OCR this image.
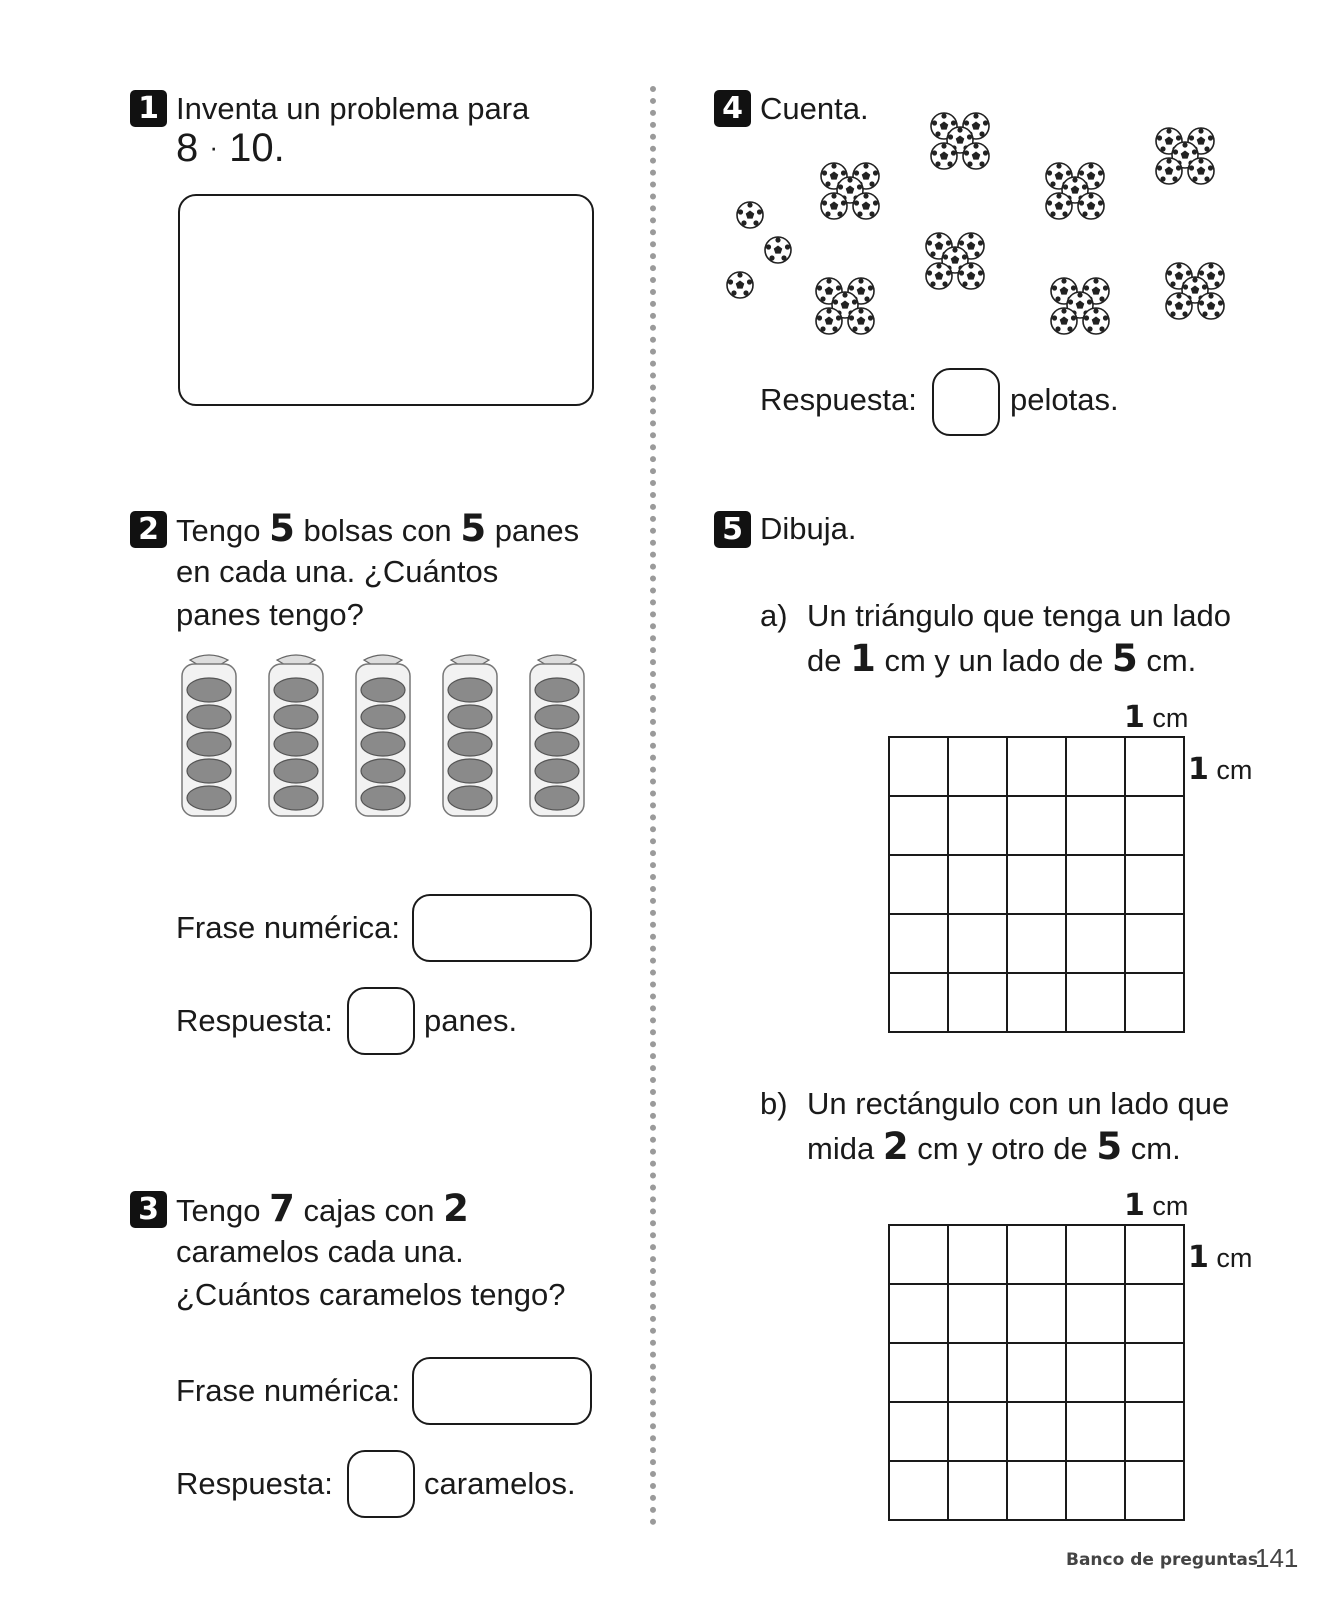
1 Inventa un problema para
8 · 10.
2 Tengo 5 bolsas con 5 panes
en cada una. ¿Cuántos
panes tengo?
Frase numérica:
Respuesta:	panes.
3 Tengo 7 cajas con 2
caramelos cada una.
¿Cuántos caramelos tengo?
Frase numérica:
Respuesta:	caramelos.
4 Cuenta.
Respuesta:	pelotas.
5 Dibuja.
a) Un triángulo que tenga un lado
de 1 cm y un lado de 5 cm.
1 cm
1 cm

b) Un rectángulo con un lado que
mida 2 cm y otro de 5 cm.
1 cm
1 cm

Banco de preguntas
141
